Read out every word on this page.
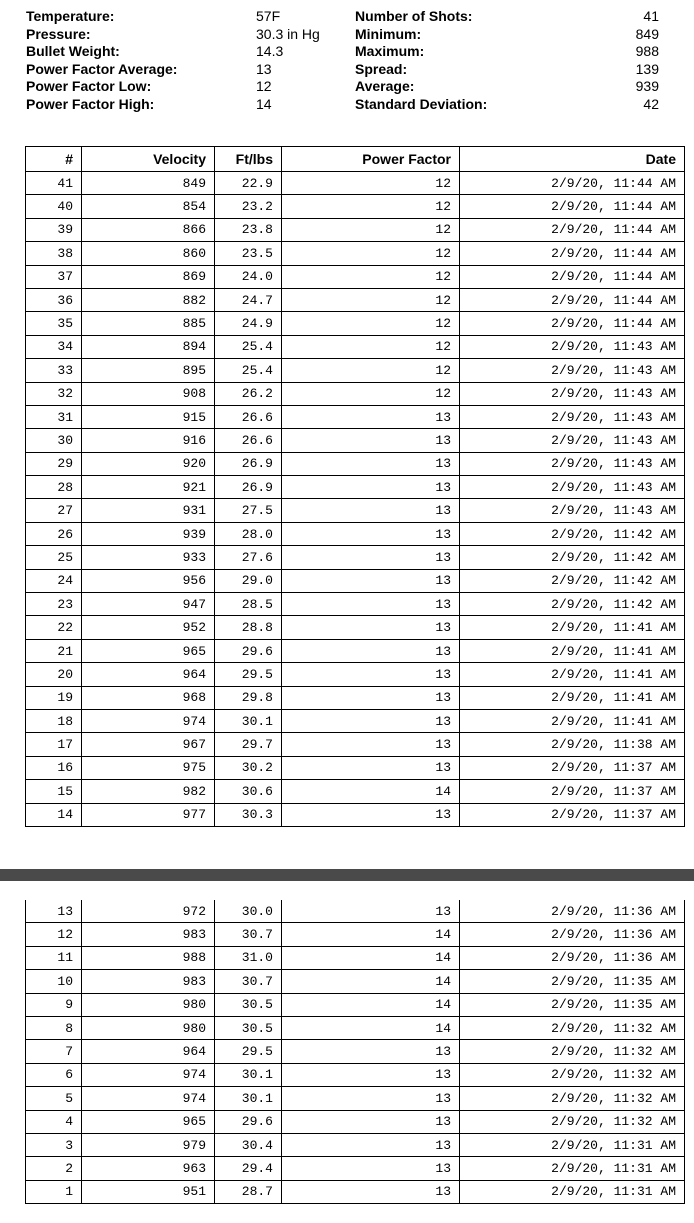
Temperature:	57F	Number of Shots:	41
Pressure:	30.3 in Hg	Minimum:	849
Bullet Weight:	14.3	Maximum:	988
Power Factor Average:	13	Spread:	139
Power Factor Low:	12	Average:	939
Power Factor High:	14	Standard Deviation:	42
#	Velocity	Ft/lbs	Power Factor	Date
41	849	22.9	12	2/9/20, 11:44 AM
40	854	23.2	12	2/9/20, 11:44 AM
39	866	23.8	12	2/9/20, 11:44 AM
38	860	23.5	12	2/9/20, 11:44 AM
37	869	24.0	12	2/9/20, 11:44 AM
36	882	24.7	12	2/9/20, 11:44 AM
35	885	24.9	12	2/9/20, 11:44 AM
34	894	25.4	12	2/9/20, 11:43 AM
33	895	25.4	12	2/9/20, 11:43 AM
32	908	26.2	12	2/9/20, 11:43 AM
31	915	26.6	13	2/9/20, 11:43 AM
30	916	26.6	13	2/9/20, 11:43 AM
29	920	26.9	13	2/9/20, 11:43 AM
28	921	26.9	13	2/9/20, 11:43 AM
27	931	27.5	13	2/9/20, 11:43 AM
26	939	28.0	13	2/9/20, 11:42 AM
25	933	27.6	13	2/9/20, 11:42 AM
24	956	29.0	13	2/9/20, 11:42 AM
23	947	28.5	13	2/9/20, 11:42 AM
22	952	28.8	13	2/9/20, 11:41 AM
21	965	29.6	13	2/9/20, 11:41 AM
20	964	29.5	13	2/9/20, 11:41 AM
19	968	29.8	13	2/9/20, 11:41 AM
18	974	30.1	13	2/9/20, 11:41 AM
17	967	29.7	13	2/9/20, 11:38 AM
16	975	30.2	13	2/9/20, 11:37 AM
15	982	30.6	14	2/9/20, 11:37 AM
14	977	30.3	13	2/9/20, 11:37 AM
13	972	30.0	13	2/9/20, 11:36 AM
12	983	30.7	14	2/9/20, 11:36 AM
11	988	31.0	14	2/9/20, 11:36 AM
10	983	30.7	14	2/9/20, 11:35 AM
9	980	30.5	14	2/9/20, 11:35 AM
8	980	30.5	14	2/9/20, 11:32 AM
7	964	29.5	13	2/9/20, 11:32 AM
6	974	30.1	13	2/9/20, 11:32 AM
5	974	30.1	13	2/9/20, 11:32 AM
4	965	29.6	13	2/9/20, 11:32 AM
3	979	30.4	13	2/9/20, 11:31 AM
2	963	29.4	13	2/9/20, 11:31 AM
1	951	28.7	13	2/9/20, 11:31 AM
